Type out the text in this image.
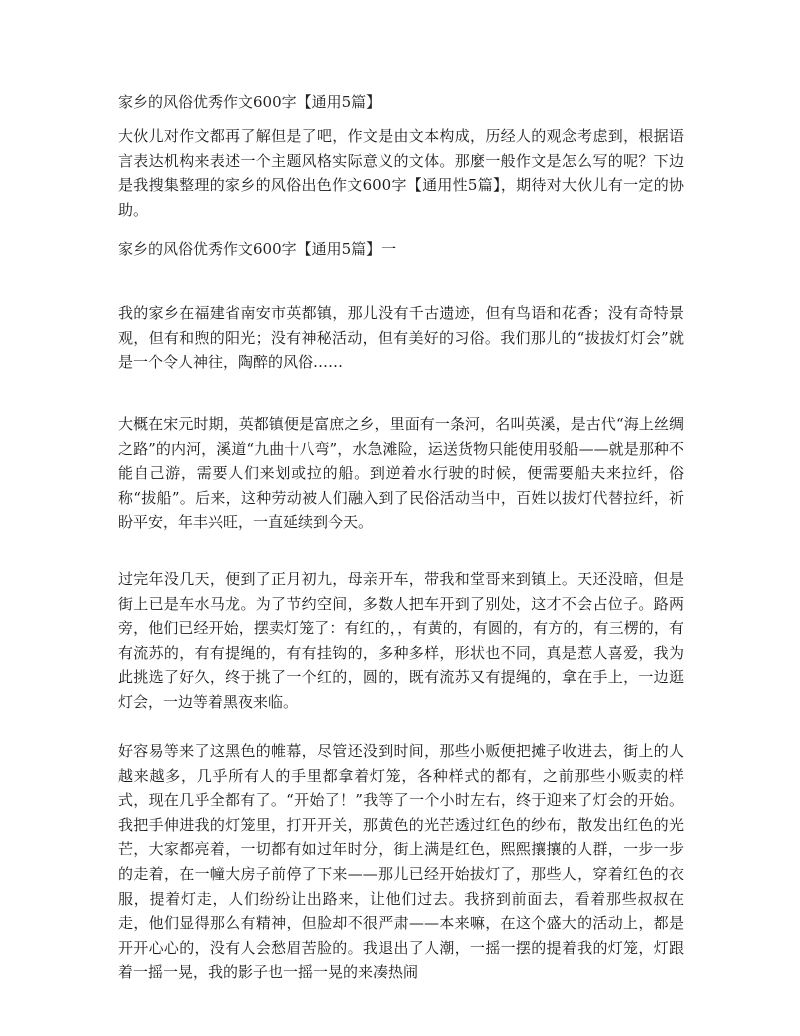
家乡的风俗优秀作文600字【通用5篇】

大伙儿对作文都再了解但是了吧，作文是由文本构成，历经人的观念考虑到，根据语言表达机构来表述一个主题风格实际意义的文体。那麼一般作文是怎么写的呢？下边是我搜集整理的家乡的风俗出色作文600字【通用性5篇】，期待对大伙儿有一定的协助。

家乡的风俗优秀作文600字【通用5篇】一

我的家乡在福建省南安市英都镇，那儿没有千古遗迹，但有鸟语和花香；没有奇特景观，但有和煦的阳光；没有神秘活动，但有美好的习俗。我们那儿的“拔拔灯灯会”就是一个令人神往，陶醉的风俗……

大概在宋元时期，英都镇便是富庶之乡，里面有一条河，名叫英溪，是古代“海上丝绸之路”的内河，溪道“九曲十八弯”，水急滩险，运送货物只能使用驳船——就是那种不能自己游，需要人们来划或拉的船。到逆着水行驶的时候，便需要船夫来拉纤，俗称“拔船”。后来，这种劳动被人们融入到了民俗活动当中，百姓以拔灯代替拉纤，祈盼平安，年丰兴旺，一直延续到今天。

过完年没几天，便到了正月初九，母亲开车，带我和堂哥来到镇上。天还没暗，但是街上已是车水马龙。为了节约空间，多数人把车开到了别处，这才不会占位子。路两旁，他们已经开始，摆卖灯笼了：有红的，，有黄的，有圆的，有方的，有三楞的，有有流苏的，有有提绳的，有有挂钩的，多种多样，形状也不同，真是惹人喜爱，我为此挑选了好久，终于挑了一个红的，圆的，既有流苏又有提绳的，拿在手上，一边逛灯会，一边等着黑夜来临。

好容易等来了这黑色的帷幕，尽管还没到时间，那些小贩便把摊子收进去，街上的人越来越多，几乎所有人的手里都拿着灯笼，各种样式的都有，之前那些小贩卖的样式，现在几乎全都有了。“开始了！”我等了一个小时左右，终于迎来了灯会的开始。我把手伸进我的灯笼里，打开开关，那黄色的光芒透过红色的纱布，散发出红色的光芒，大家都亮着，一切都有如过年时分，街上满是红色，熙熙攘攘的人群，一步一步的走着，在一幢大房子前停了下来——那儿已经开始拔灯了，那些人，穿着红色的衣服，提着灯走，人们纷纷让出路来，让他们过去。我挤到前面去，看着那些叔叔在走，他们显得那么有精神，但脸却不很严肃——本来嘛，在这个盛大的活动上，都是开开心心的，没有人会愁眉苦脸的。我退出了人潮，一摇一摆的提着我的灯笼，灯跟着一摇一晃，我的影子也一摇一晃的来凑热闹
